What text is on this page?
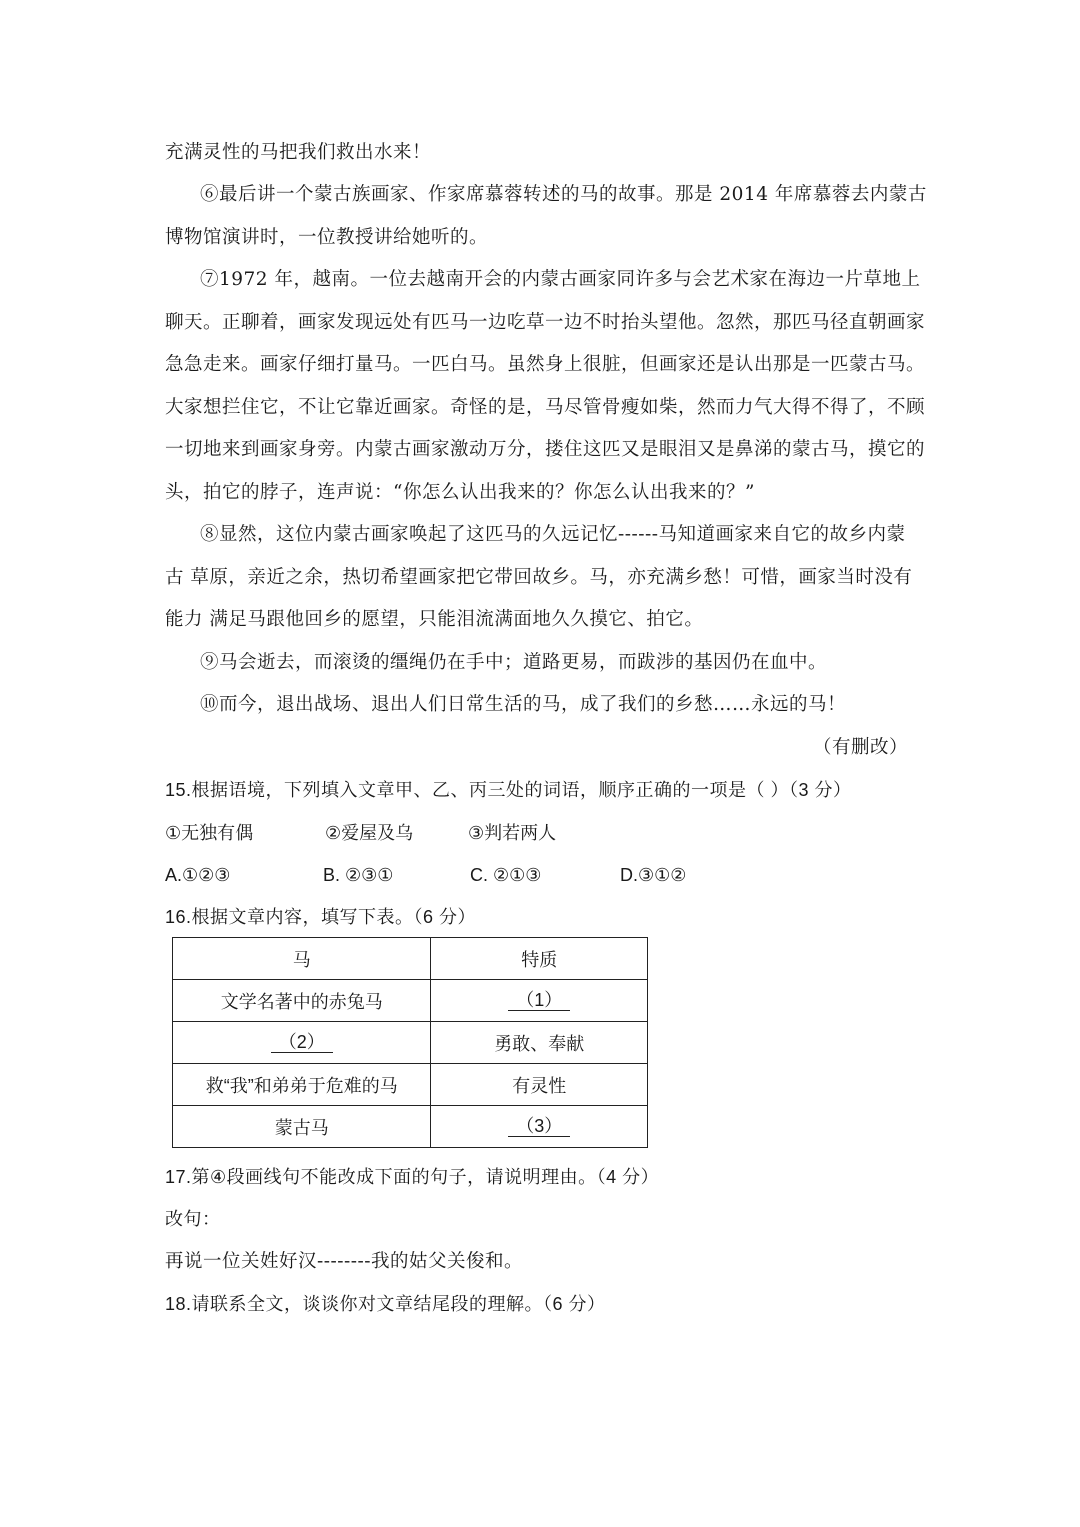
充满灵性的马把我们救出水来！
⑥最后讲一个蒙古族画家、作家席慕蓉转述的马的故事。那是 2014 年席慕蓉去内蒙古
博物馆演讲时，一位教授讲给她听的。
⑦1972 年，越南。一位去越南开会的内蒙古画家同许多与会艺术家在海边一片草地上
聊天。正聊着，画家发现远处有匹马一边吃草一边不时抬头望他。忽然，那匹马径直朝画家
急急走来。画家仔细打量马。一匹白马。虽然身上很脏，但画家还是认出那是一匹蒙古马。
大家想拦住它，不让它靠近画家。奇怪的是，马尽管骨瘦如柴，然而力气大得不得了，不顾
一切地来到画家身旁。内蒙古画家激动万分，搂住这匹又是眼泪又是鼻涕的蒙古马，摸它的
头，拍它的脖子，连声说：“你怎么认出我来的？你怎么认出我来的？”
⑧显然，这位内蒙古画家唤起了这匹马的久远记忆------马知道画家来自它的故乡内蒙
古 草原，亲近之余，热切希望画家把它带回故乡。马，亦充满乡愁！可惜，画家当时没有
能力 满足马跟他回乡的愿望，只能泪流满面地久久摸它、拍它。
⑨马会逝去，而滚烫的缰绳仍在手中；道路更易，而跋涉的基因仍在血中。
⑩而今，退出战场、退出人们日常生活的马，成了我们的乡愁……永远的马！
（有删改）
15.根据语境，下列填入文章甲、乙、丙三处的词语，顺序正确的一项是（ ）（3 分）
①无独有偶	②爱屋及乌	③判若两人
A.①②③	B. ②③①	C. ②①③	D.③①②
16.根据文章内容，填写下表。（6 分）
马	特质
文学名著中的赤兔马	（1）
（2）	勇敢、奉献
救“我”和弟弟于危难的马	有灵性
蒙古马	（3）
17.第④段画线句不能改成下面的句子，请说明理由。（4 分）
改句：
再说一位关姓好汉--------我的姑父关俊和。
18.请联系全文，谈谈你对文章结尾段的理解。（6 分）
